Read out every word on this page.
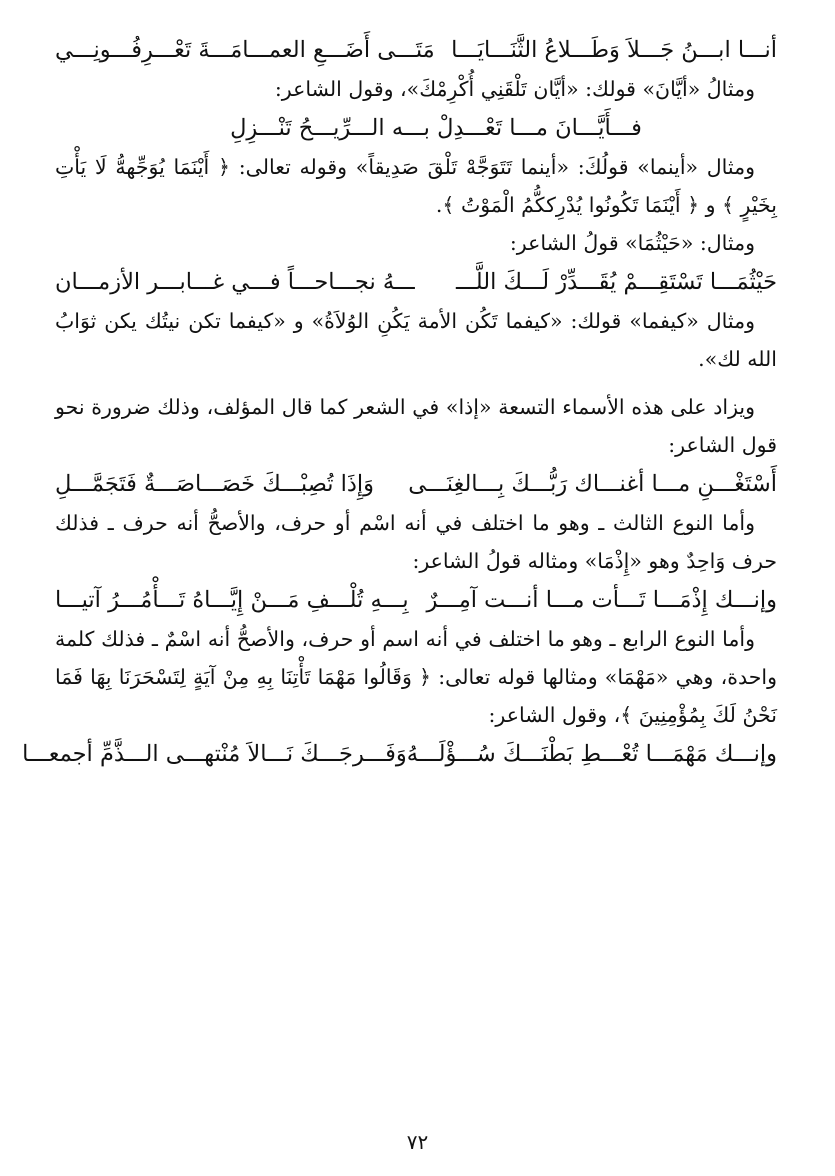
أنـــا ابـــنُ جَـــلاَ وَطَـــلاعُ الثَّنَـــايَـــا
مَتَـــى أَضَـــعِ العمـــامَـــةَ تَعْـــرِفُـــونِـــي

ومثالُ «أيَّانَ» قولك: «أيَّان تَلْقَنِي أُكْرِمْكَ»، وقول الشاعر:

فـــأَيَّـــانَ مـــا تَعْـــدِلْ بـــه الـــرِّيـــحُ تَنْـــزِلِ

ومثال «أينما» قولُكَ: «أينما تَتَوَجَّهْ تَلْقَ صَدِيقاً» وقوله تعالى: ﴿ أَيْنَمَا يُوَجِّههُّ لَا يَأْتِ بِخَيْرٍ ﴾ و ﴿ أَيْنَمَا تَكُونُوا يُدْرِككُّمُ الْمَوْتُ ﴾.

ومثال: «حَيْثُمَا» قولُ الشاعر:

حَيْثُمَـــا تَسْتَقِـــمْ يُقَـــدِّرْ لَـــكَ اللَّـــ
ـــهُ نجـــاحـــاً فـــي غـــابـــر الأزمـــان

ومثال «كيفما» قولك: «كيفما تَكُن الأمة يَكُنِ الوُلاَةُ» و «كيفما تكن نيتُك يكن ثوَابُ الله لك».

ويزاد على هذه الأسماء التسعة «إذا» في الشعر كما قال المؤلف، وذلك ضرورة نحو قول الشاعر:

أَسْتَغْـــنِ مـــا أغنـــاك رَبُّـــكَ بِـــالغِنَـــى
وَإِذَا تُصِبْـــكَ خَصَـــاصَـــةٌ فَتَجَمَّـــلِ

وأما النوع الثالث ـ وهو ما اختلف في أنه اسْم أو حرف، والأصحُّ أنه حرف ـ فذلك حرف وَاحِدٌ وهو «إِذْمَا» ومثاله قولُ الشاعر:

وإنـــك إِذْمَـــا تَـــأت مـــا أنـــت آمِـــرٌ
بِـــهِ تُلْـــفِ مَـــنْ إِيَّـــاهُ تَـــأْمُـــرُ آتيـــا

وأما النوع الرابع ـ وهو ما اختلف في أنه اسم أو حرف، والأصحُّ أنه اسْمٌ ـ فذلك كلمة واحدة، وهي «مَهْمَا» ومثالها قوله تعالى: ﴿ وَقَالُوا مَهْمَا تَأْتِنَا بِهِ مِنْ آيَةٍ لِتَسْحَرَنَا بِهَا فَمَا نَحْنُ لَكَ بِمُؤْمِنِينَ ﴾، وقول الشاعر:

وإنـــك مَهْمَـــا تُعْـــطِ بَطْنَـــكَ سُـــؤْلَـــهُ
وَفَـــرجَـــكَ نَـــالاَ مُنْتهـــى الـــذَّمِّ أجمعـــا
٧٢
